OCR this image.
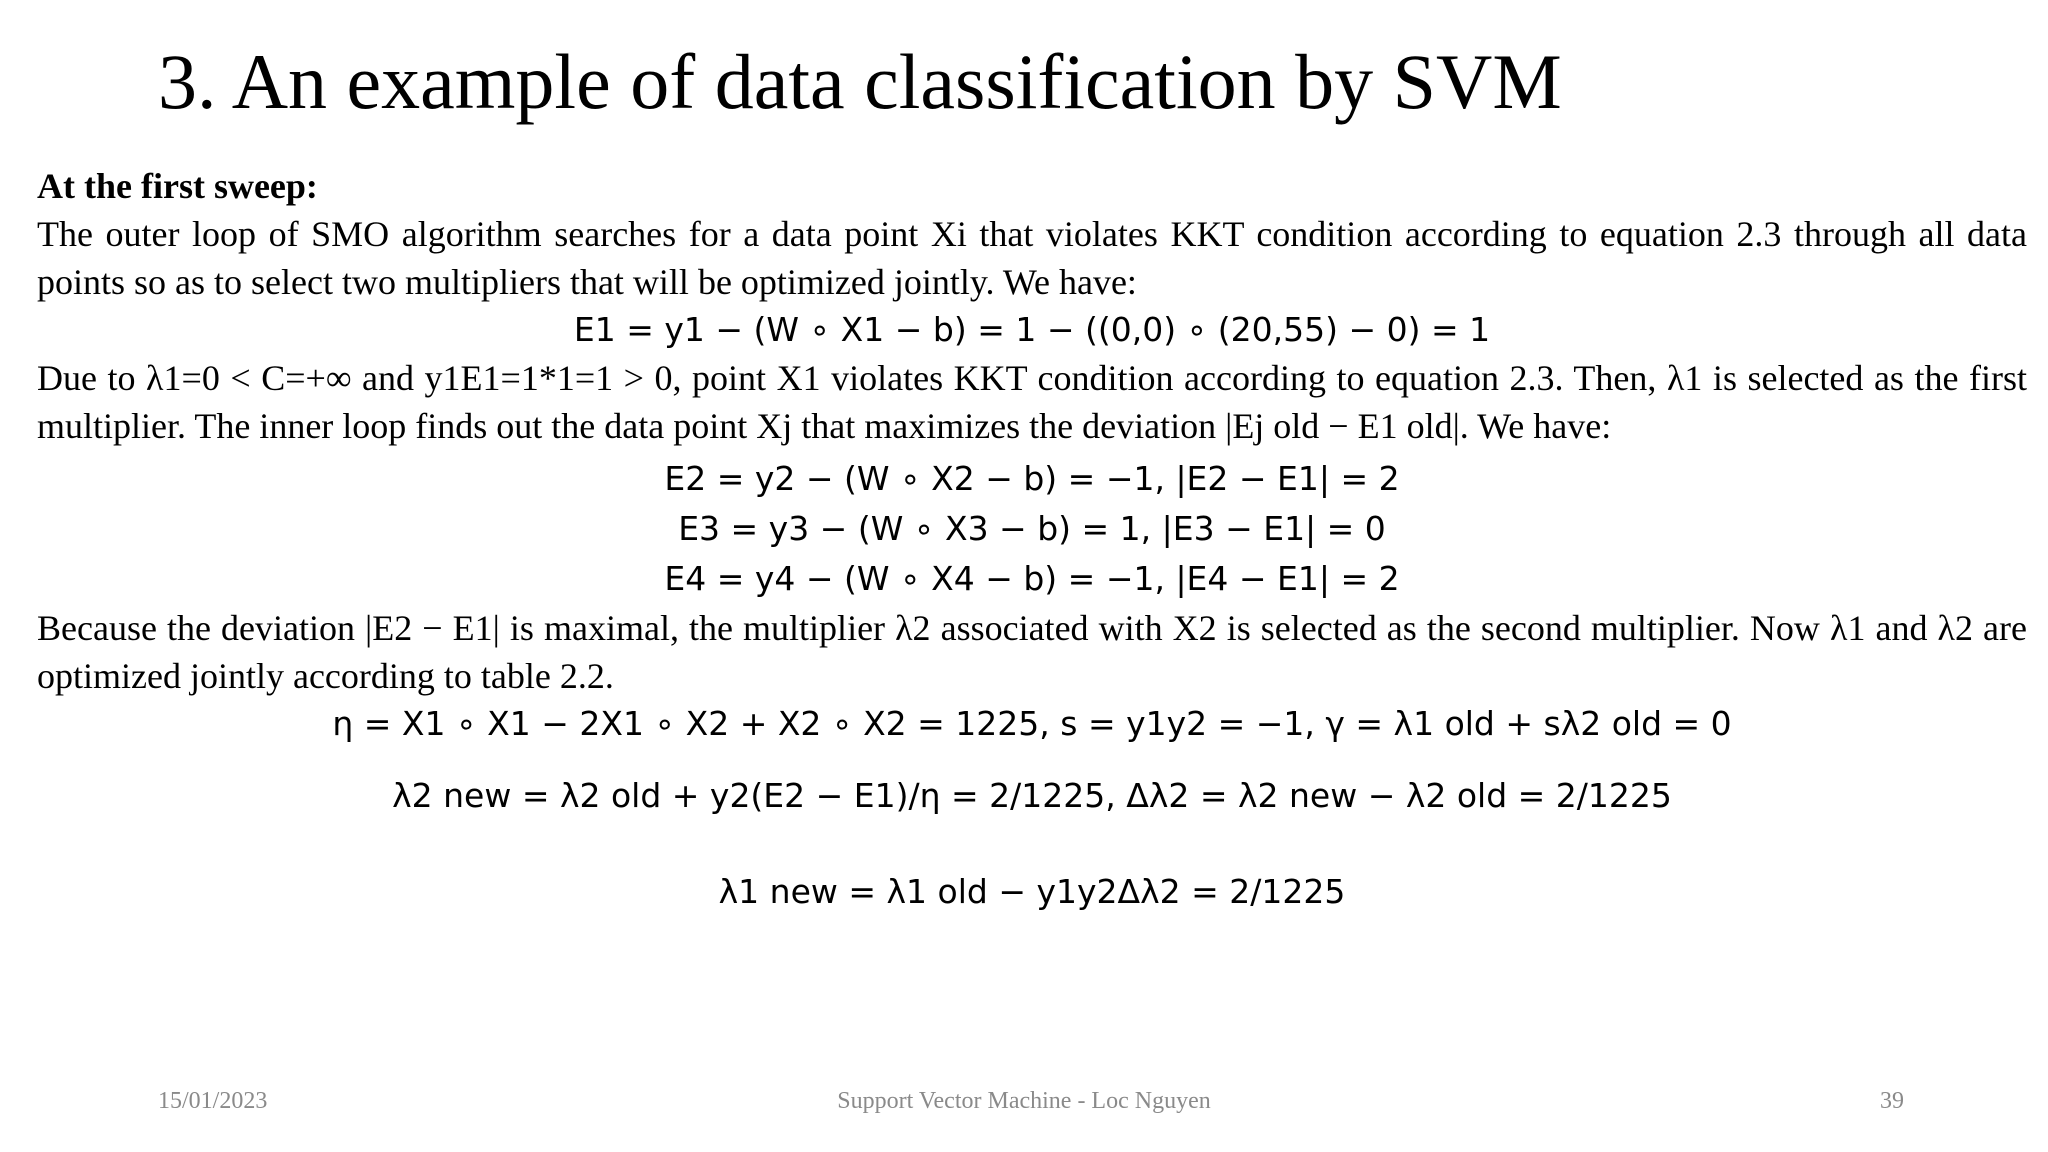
3. An example of data classification by SVM
At the first sweep:
The outer loop of SMO algorithm searches for a data point Xi that violates KKT condition according to equation 2.3 through all data points so as to select two multipliers that will be optimized jointly. We have:
E1 = y1 − (W ∘ X1 − b) = 1 − ((0,0) ∘ (20,55) − 0) = 1
Due to λ1=0 < C=+∞ and y1E1=1*1=1 > 0, point X1 violates KKT condition according to equation 2.3. Then, λ1 is selected as the first multiplier. The inner loop finds out the data point Xj that maximizes the deviation |Ej old − E1 old|. We have:
E2 = y2 − (W ∘ X2 − b) = −1, |E2 − E1| = 2
E3 = y3 − (W ∘ X3 − b) = 1, |E3 − E1| = 0
E4 = y4 − (W ∘ X4 − b) = −1, |E4 − E1| = 2
Because the deviation |E2 − E1| is maximal, the multiplier λ2 associated with X2 is selected as the second multiplier. Now λ1 and λ2 are optimized jointly according to table 2.2.
η = X1 ∘ X1 − 2X1 ∘ X2 + X2 ∘ X2 = 1225, s = y1y2 = −1, γ = λ1 old + sλ2 old = 0
λ2 new = λ2 old + y2(E2 − E1)/η = 2/1225, Δλ2 = λ2 new − λ2 old = 2/1225
λ1 new = λ1 old − y1y2Δλ2 = 2/1225
15/01/2023	Support Vector Machine - Loc Nguyen	39
